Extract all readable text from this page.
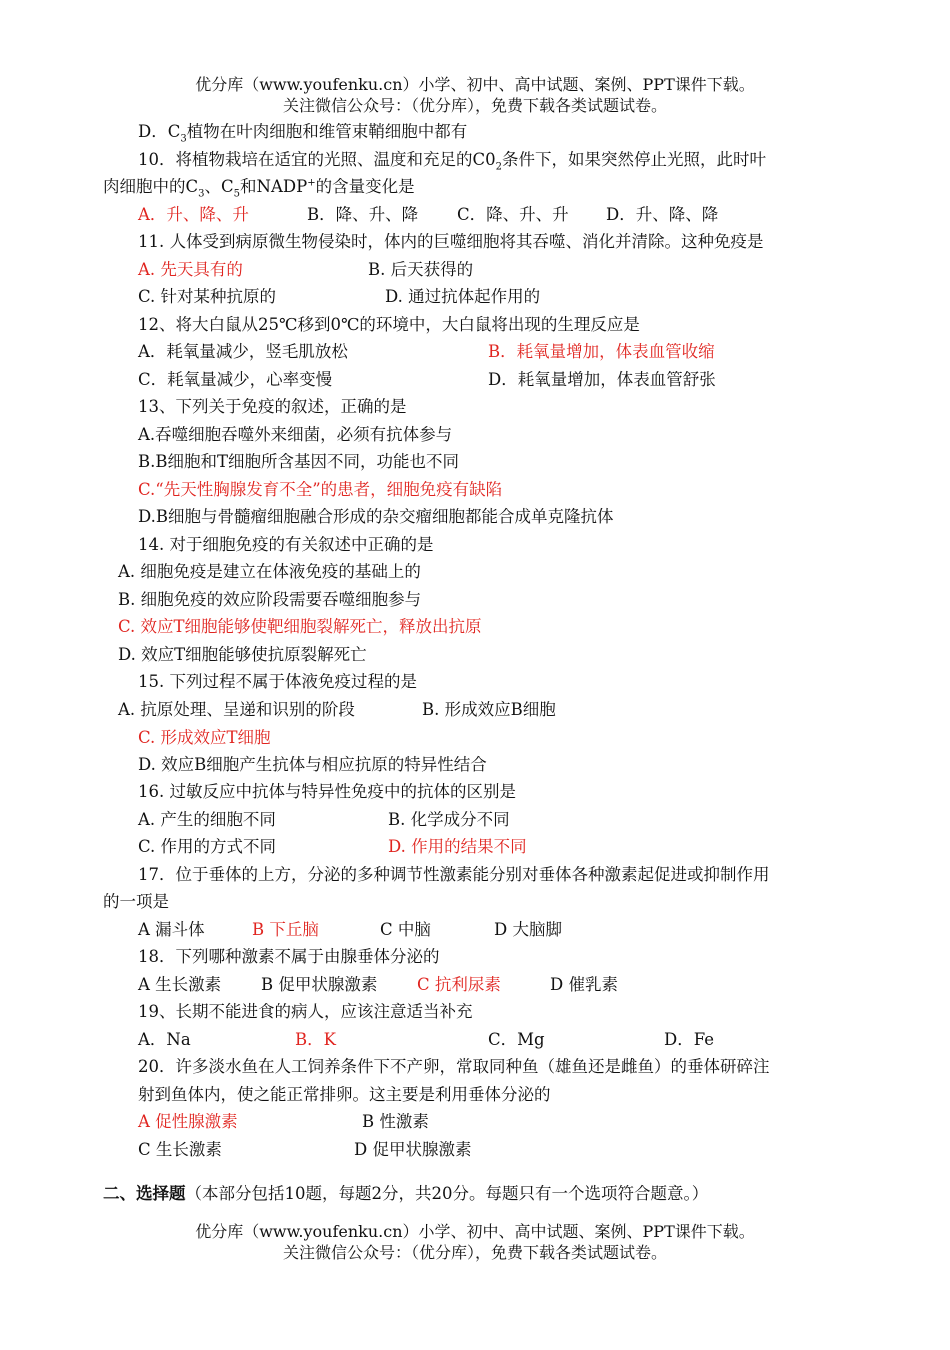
优分库（www.youfenku.cn）小学、初中、高中试题、案例、PPT课件下载。
关注微信公众号：（优分库），免费下载各类试题试卷。
D．$C_3$植物在叶肉细胞和维管束鞘细胞中都有
10．将植物栽培在适宜的光照、温度和充足的$C0_2$条件下，如果突然停止光照，此时叶
肉细胞中的$C_3$、$C_5$和NADP+的含量变化是
A．升、降、升	B．降、升、降 C．降、升、升 D．升、降、降
11. 人体受到病原微生物侵染时，体内的巨噬细胞将其吞噬、消化并清除。这种免疫是
A. 先天具有的	B. 后天获得的
C. 针对某种抗原的	D. 通过抗体起作用的
12、将大白鼠从25℃移到0℃的环境中，大白鼠将出现的生理反应是
A．耗氧量减少，竖毛肌放松	B．耗氧量增加，体表血管收缩
C．耗氧量减少，心率变慢	D．耗氧量增加，体表血管舒张
13、下列关于免疫的叙述，正确的是
A.吞噬细胞吞噬外来细菌，必须有抗体参与
B.B细胞和T细胞所含基因不同，功能也不同
C.“先天性胸腺发育不全”的患者，细胞免疫有缺陷
D.B细胞与骨髓瘤细胞融合形成的杂交瘤细胞都能合成单克隆抗体
14. 对于细胞免疫的有关叙述中正确的是
A. 细胞免疫是建立在体液免疫的基础上的
B. 细胞免疫的效应阶段需要吞噬细胞参与
C. 效应T细胞能够使靶细胞裂解死亡，释放出抗原
D. 效应T细胞能够使抗原裂解死亡
15. 下列过程不属于体液免疫过程的是
A. 抗原处理、呈递和识别的阶段	B. 形成效应B细胞
C. 形成效应T细胞
D. 效应B细胞产生抗体与相应抗原的特异性结合
16. 过敏反应中抗体与特异性免疫中的抗体的区别是
A. 产生的细胞不同	B. 化学成分不同
C. 作用的方式不同	D. 作用的结果不同
17．位于垂体的上方，分泌的多种调节性激素能分别对垂体各种激素起促进或抑制作用
的一项是
A 漏斗体	B 下丘脑	C 中脑	D 大脑脚
18．下列哪种激素不属于由腺垂体分泌的
A 生长激素 B 促甲状腺激素 C 抗利尿素	D 催乳素
19、长期不能进食的病人，应该注意适当补充
A．Na	B．K	C．Mg	D．Fe
20．许多淡水鱼在人工饲养条件下不产卵，常取同种鱼（雄鱼还是雌鱼）的垂体研碎注
射到鱼体内，使之能正常排卵。这主要是利用垂体分泌的
A 促性腺激素	B 性激素
C 生长激素	D 促甲状腺激素
二、选择题（本部分包括10题，每题2分，共20分。每题只有一个选项符合题意。）
优分库（www.youfenku.cn）小学、初中、高中试题、案例、PPT课件下载。
关注微信公众号：（优分库），免费下载各类试题试卷。
